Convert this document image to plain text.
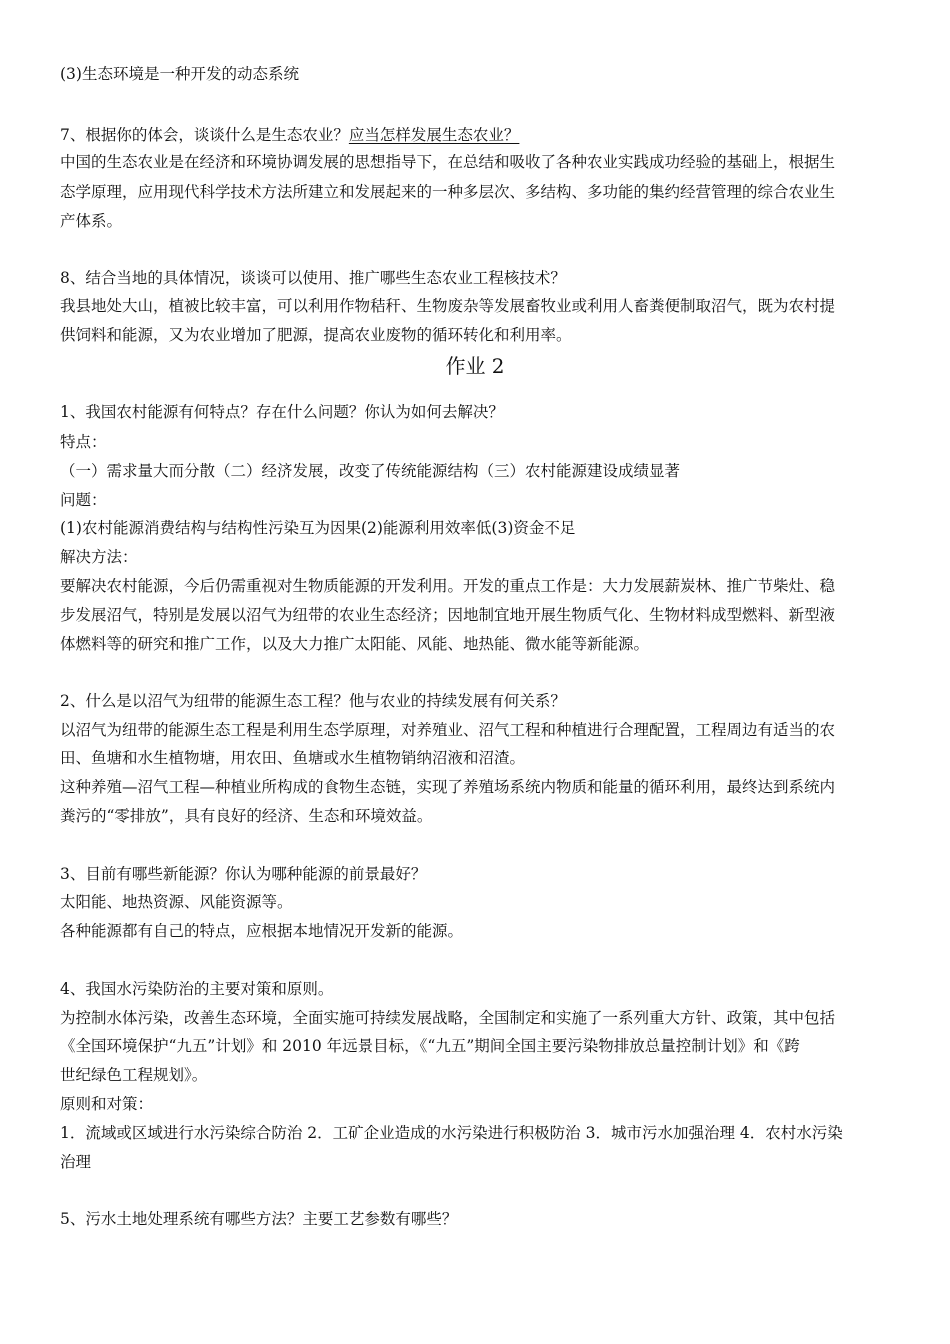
(3)生态环境是一种开发的动态系统
7、根据你的体会，谈谈什么是生态农业？应当怎样发展生态农业？
中国的生态农业是在经济和环境协调发展的思想指导下，在总结和吸收了各种农业实践成功经验的基础上，根据生
态学原理，应用现代科学技术方法所建立和发展起来的一种多层次、多结构、多功能的集约经营管理的综合农业生
产体系。
8、结合当地的具体情况，谈谈可以使用、推广哪些生态农业工程核技术？
我县地处大山，植被比较丰富，可以利用作物秸秆、生物废杂等发展畜牧业或利用人畜粪便制取沼气，既为农村提
供饲料和能源，又为农业增加了肥源，提高农业废物的循环转化和利用率。
作业 2
1、我国农村能源有何特点？存在什么问题？你认为如何去解决？
特点：
（一）需求量大而分散（二）经济发展，改变了传统能源结构（三）农村能源建设成绩显著
问题：
(1)农村能源消费结构与结构性污染互为因果(2)能源利用效率低(3)资金不足
解决方法：
要解决农村能源，今后仍需重视对生物质能源的开发利用。开发的重点工作是：大力发展薪炭林、推广节柴灶、稳
步发展沼气，特别是发展以沼气为纽带的农业生态经济；因地制宜地开展生物质气化、生物材料成型燃料、新型液
体燃料等的研究和推广工作，以及大力推广太阳能、风能、地热能、微水能等新能源。
2、什么是以沼气为纽带的能源生态工程？他与农业的持续发展有何关系？
以沼气为纽带的能源生态工程是利用生态学原理，对养殖业、沼气工程和种植进行合理配置，工程周边有适当的农
田、鱼塘和水生植物塘，用农田、鱼塘或水生植物销纳沼液和沼渣。
这种养殖—沼气工程—种植业所构成的食物生态链，实现了养殖场系统内物质和能量的循环利用，最终达到系统内
粪污的“零排放”，具有良好的经济、生态和环境效益。
3、目前有哪些新能源？你认为哪种能源的前景最好？
太阳能、地热资源、风能资源等。
各种能源都有自己的特点，应根据本地情况开发新的能源。
4、我国水污染防治的主要对策和原则。
为控制水体污染，改善生态环境，全面实施可持续发展战略，全国制定和实施了一系列重大方针、政策，其中包括
《全国环境保护“九五”计划》和 2010 年远景目标，《“九五”期间全国主要污染物排放总量控制计划》和《跨
世纪绿色工程规划》。
原则和对策：
1．流域或区域进行水污染综合防治 2．工矿企业造成的水污染进行积极防治 3．城市污水加强治理 4．农村水污染
治理
5、污水土地处理系统有哪些方法？主要工艺参数有哪些？
